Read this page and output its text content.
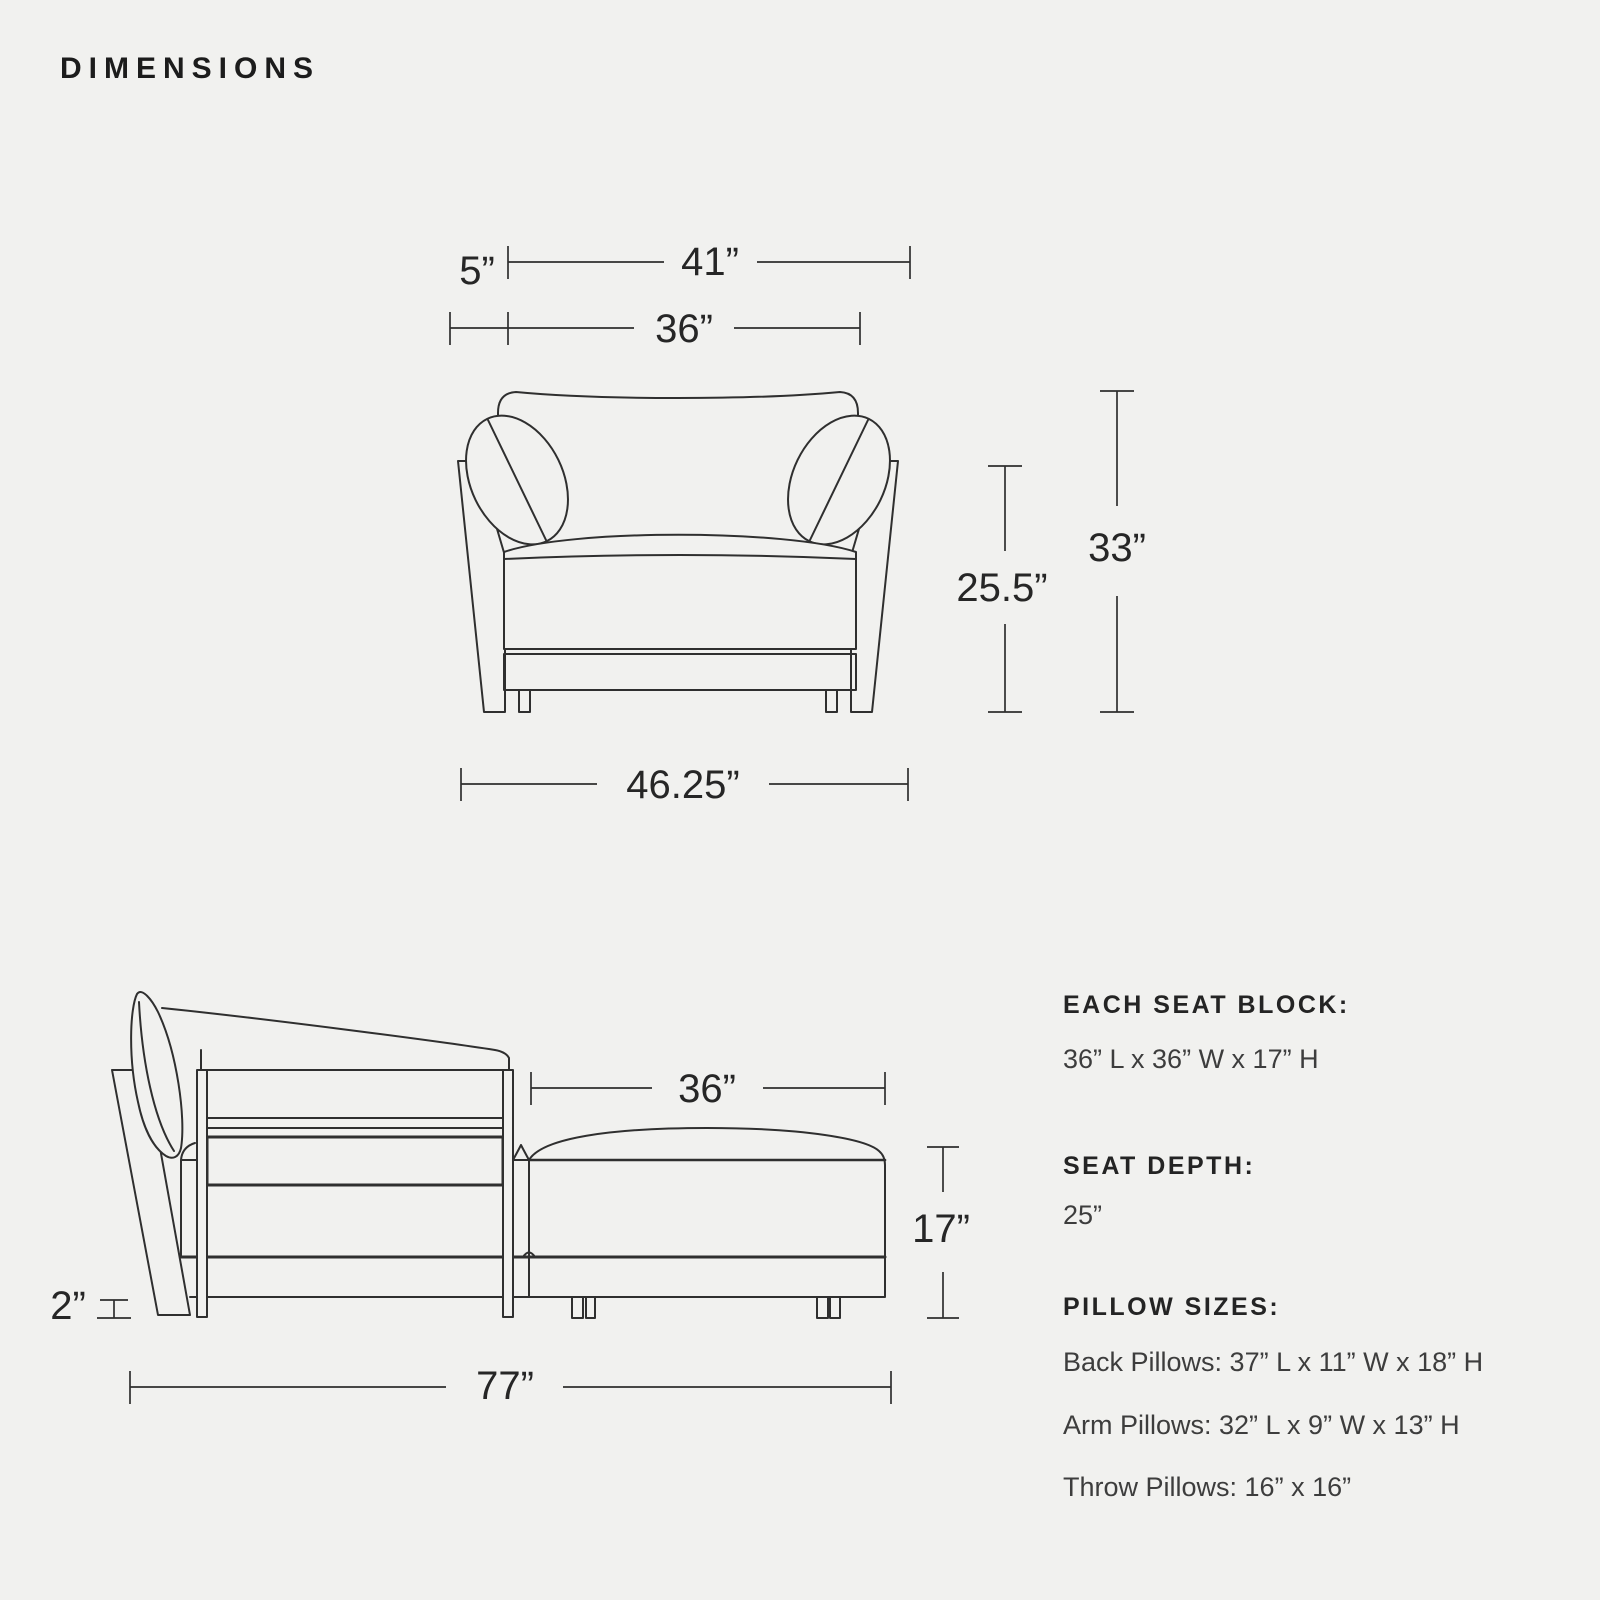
DIMENSIONS
5”	41”
36”
46.25”
25.5”
33”
36”
17”
2”
77”
EACH SEAT BLOCK:
36” L x 36” W x 17” H
SEAT DEPTH:
25”
PILLOW SIZES:
Back Pillows: 37” L x 11” W x 18” H
Arm Pillows: 32” L x 9” W x 13” H
Throw Pillows: 16” x 16”
